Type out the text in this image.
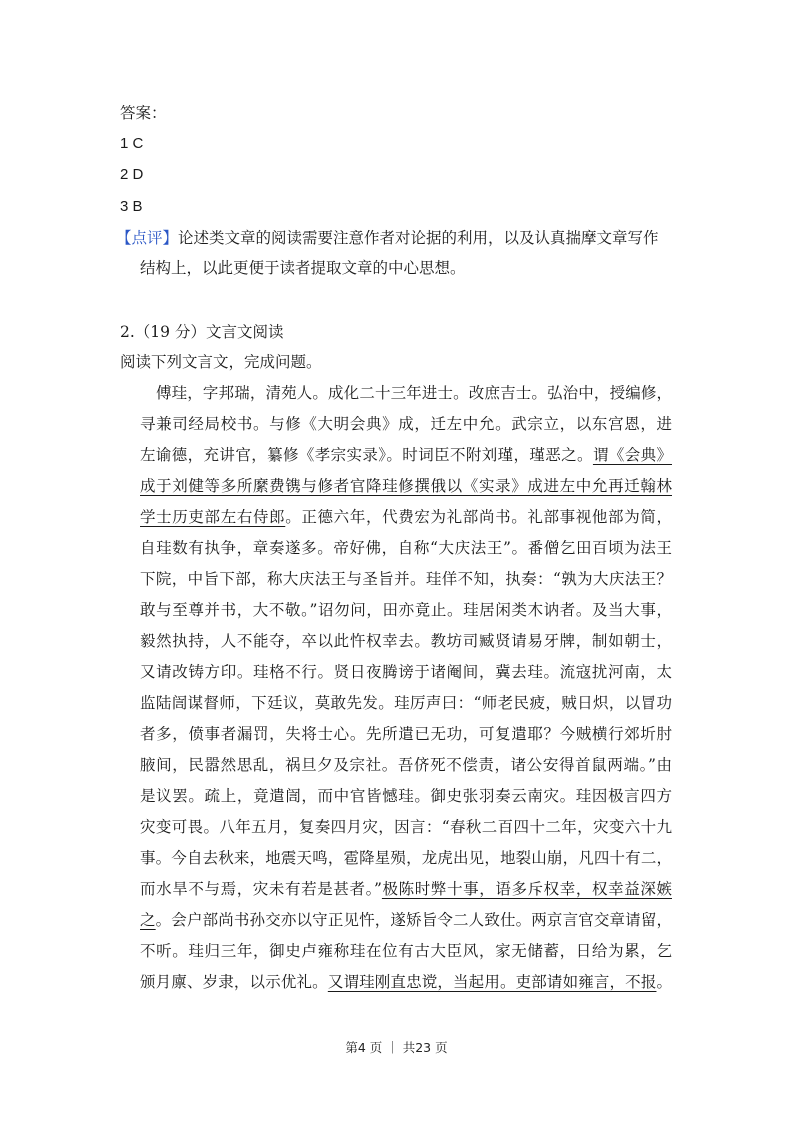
答案：
1 C
2 D
3 B
【点评】论述类文章的阅读需要注意作者对论据的利用，以及认真揣摩文章写作
结构上，以此更便于读者提取文章的中心思想。
2.（19 分）文言文阅读
阅读下列文言文，完成问题。
傅珪，字邦瑞，清苑人。成化二十三年进士。改庶吉士。弘治中，授编修，
寻兼司经局校书。与修《大明会典》成，迁左中允。武宗立，以东宫恩，进
左谕德，充讲官，纂修《孝宗实录》。时词臣不附刘瑾，瑾恶之。谓《会典》
成于刘健等多所縻费镌与修者官降珪修撰俄以《实录》成进左中允再迁翰林
学士历吏部左右侍郎。正德六年，代费宏为礼部尚书。礼部事视他部为简，
自珪数有执争，章奏遂多。帝好佛，自称“大庆法王”。番僧乞田百顷为法王
下院，中旨下部，称大庆法王与圣旨并。珪佯不知，执奏：“孰为大庆法王？
敢与至尊并书，大不敬。”诏勿问，田亦竟止。珪居闲类木讷者。及当大事，
毅然执持，人不能夺，卒以此忤权幸去。教坊司臧贤请易牙牌，制如朝士，
又请改铸方印。珪格不行。贤日夜腾谤于诸阉间，冀去珪。流寇扰河南，太
监陆訚谋督师，下廷议，莫敢先发。珪厉声曰：“师老民疲，贼日炽，以冒功
者多，偾事者漏罚，失将士心。先所遣已无功，可复遣耶？今贼横行郊圻肘
腋间，民嚣然思乱，祸旦夕及宗社。吾侪死不偿责，诸公安得首鼠两端。”由
是议罢。疏上，竟遣訚，而中官皆憾珪。御史张羽奏云南灾。珪因极言四方
灾变可畏。八年五月，复奏四月灾，因言：“春秋二百四十二年，灾变六十九
事。今自去秋来，地震天鸣，雹降星殒，龙虎出见，地裂山崩，凡四十有二，
而水旱不与焉，灾未有若是甚者。”极陈时弊十事，语多斥权幸，权幸益深嫉
之。会户部尚书孙交亦以守正见忤，遂矫旨令二人致仕。两京言官交章请留，
不听。珪归三年，御史卢雍称珪在位有古大臣风，家无储蓄，日给为累，乞
颁月廪、岁隶，以示优礼。又谓珪刚直忠谠，当起用。吏部请如雍言，不报。
第4 页 ｜ 共23 页
